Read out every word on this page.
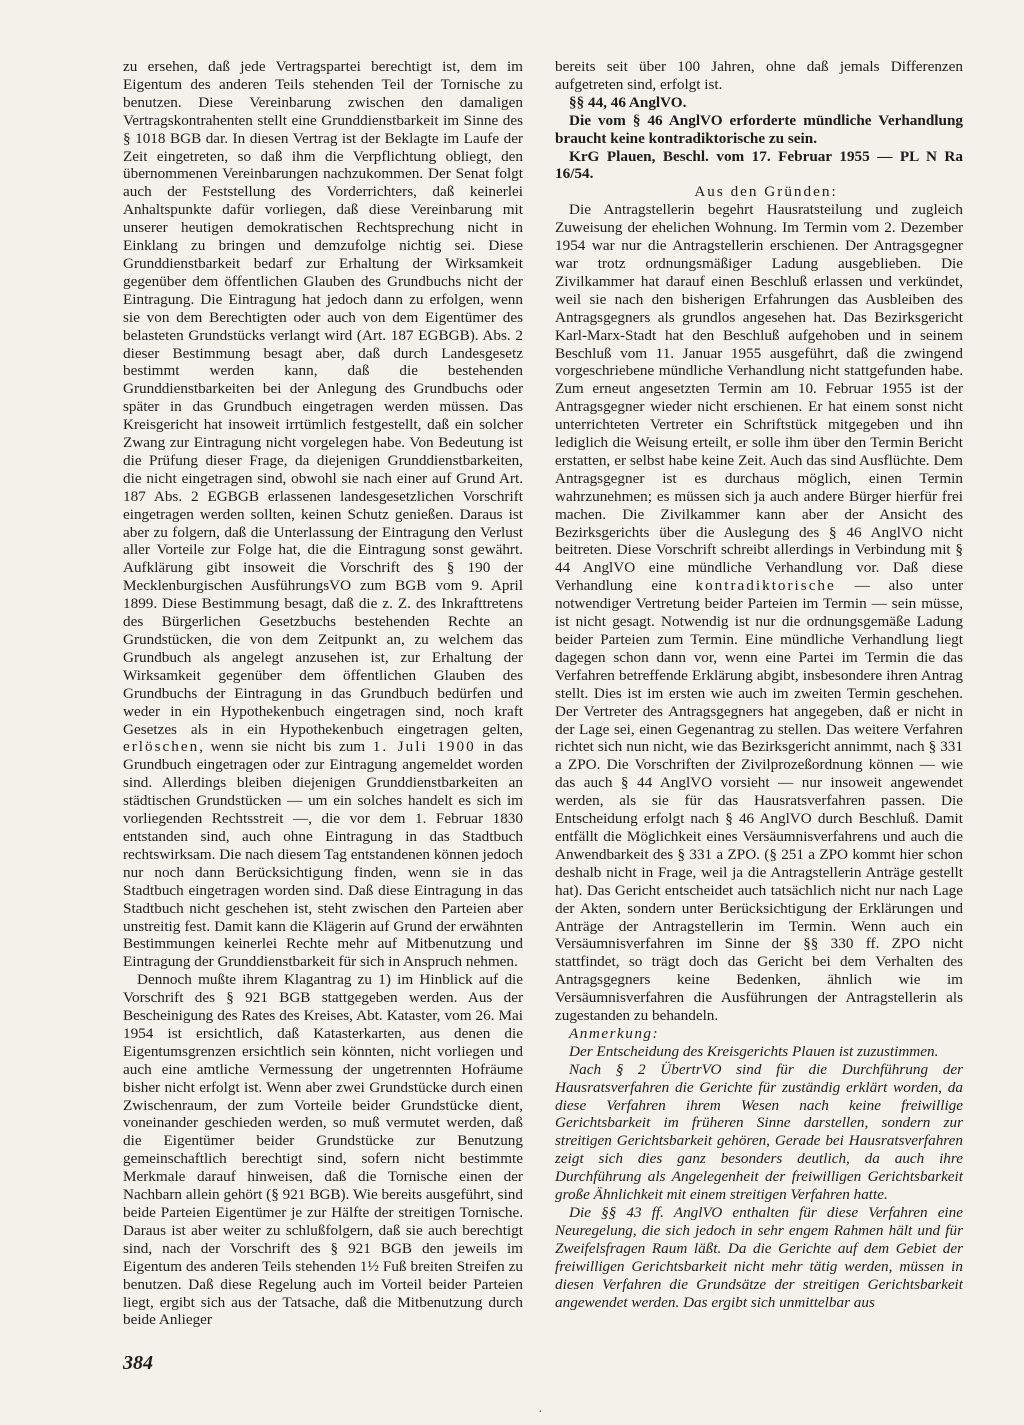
zu ersehen, daß jede Vertragspartei berechtigt ist, dem im Eigentum des anderen Teils stehenden Teil der Tornische zu benutzen. Diese Vereinbarung zwischen den damaligen Vertragskontrahenten stellt eine Grunddienstbarkeit im Sinne des § 1018 BGB dar. In diesen Vertrag ist der Beklagte im Laufe der Zeit eingetreten, so daß ihm die Verpflichtung obliegt, den übernommenen Vereinbarungen nachzukommen. Der Senat folgt auch der Feststellung des Vorderrichters, daß keinerlei Anhaltspunkte dafür vorliegen, daß diese Vereinbarung mit unserer heutigen demokratischen Rechtsprechung nicht in Einklang zu bringen und demzufolge nichtig sei. Diese Grunddienstbarkeit bedarf zur Erhaltung der Wirksamkeit gegenüber dem öffentlichen Glauben des Grundbuchs nicht der Eintragung. Die Eintragung hat jedoch dann zu erfolgen, wenn sie von dem Berechtigten oder auch von dem Eigentümer des belasteten Grundstücks verlangt wird (Art. 187 EGBGB). Abs. 2 dieser Bestimmung besagt aber, daß durch Landesgesetz bestimmt werden kann, daß die bestehenden Grunddienstbarkeiten bei der Anlegung des Grundbuchs oder später in das Grundbuch eingetragen werden müssen. Das Kreisgericht hat insoweit irrtümlich festgestellt, daß ein solcher Zwang zur Eintragung nicht vorgelegen habe. Von Bedeutung ist die Prüfung dieser Frage, da diejenigen Grunddienstbarkeiten, die nicht eingetragen sind, obwohl sie nach einer auf Grund Art. 187 Abs. 2 EGBGB erlassenen landesgesetzlichen Vorschrift eingetragen werden sollten, keinen Schutz genießen. Daraus ist aber zu folgern, daß die Unterlassung der Eintragung den Verlust aller Vorteile zur Folge hat, die die Eintragung sonst gewährt. Aufklärung gibt insoweit die Vorschrift des § 190 der Mecklenburgischen AusführungsVO zum BGB vom 9. April 1899. Diese Bestimmung besagt, daß die z. Z. des Inkrafttretens des Bürgerlichen Gesetzbuchs bestehenden Rechte an Grundstücken, die von dem Zeitpunkt an, zu welchem das Grundbuch als angelegt anzusehen ist, zur Erhaltung der Wirksamkeit gegenüber dem öffentlichen Glauben des Grundbuchs der Eintragung in das Grundbuch bedürfen und weder in ein Hypothekenbuch eingetragen sind, noch kraft Gesetzes als in ein Hypothekenbuch eingetragen gelten, erlöschen, wenn sie nicht bis zum 1. Juli 1900 in das Grundbuch eingetragen oder zur Eintragung angemeldet worden sind. Allerdings bleiben diejenigen Grunddienstbarkeiten an städtischen Grundstücken — um ein solches handelt es sich im vorliegenden Rechtsstreit —, die vor dem 1. Februar 1830 entstanden sind, auch ohne Eintragung in das Stadtbuch rechtswirksam. Die nach diesem Tag entstandenen können jedoch nur noch dann Berücksichtigung finden, wenn sie in das Stadtbuch eingetragen worden sind. Daß diese Eintragung in das Stadtbuch nicht geschehen ist, steht zwischen den Parteien aber unstreitig fest. Damit kann die Klägerin auf Grund der erwähnten Bestimmungen keinerlei Rechte mehr auf Mitbenutzung und Eintragung der Grunddienstbarkeit für sich in Anspruch nehmen.

Dennoch mußte ihrem Klagantrag zu 1) im Hinblick auf die Vorschrift des § 921 BGB stattgegeben werden. Aus der Bescheinigung des Rates des Kreises, Abt. Kataster, vom 26. Mai 1954 ist ersichtlich, daß Katasterkarten, aus denen die Eigentumsgrenzen ersichtlich sein könnten, nicht vorliegen und auch eine amtliche Vermessung der ungetrennten Hofräume bisher nicht erfolgt ist. Wenn aber zwei Grundstücke durch einen Zwischenraum, der zum Vorteile beider Grundstücke dient, voneinander geschieden werden, so muß vermutet werden, daß die Eigentümer beider Grundstücke zur Benutzung gemeinschaftlich berechtigt sind, sofern nicht bestimmte Merkmale darauf hinweisen, daß die Tornische einen der Nachbarn allein gehört (§ 921 BGB). Wie bereits ausgeführt, sind beide Parteien Eigentümer je zur Hälfte der streitigen Tornische. Daraus ist aber weiter zu schlußfolgern, daß sie auch berechtigt sind, nach der Vorschrift des § 921 BGB den jeweils im Eigentum des anderen Teils stehenden 1½ Fuß breiten Streifen zu benutzen. Daß diese Regelung auch im Vorteil beider Parteien liegt, ergibt sich aus der Tatsache, daß die Mitbenutzung durch beide Anlieger

bereits seit über 100 Jahren, ohne daß jemals Differenzen aufgetreten sind, erfolgt ist.

§§ 44, 46 AnglVO.

Die vom § 46 AnglVO erforderte mündliche Verhandlung braucht keine kontradiktorische zu sein.

KrG Plauen, Beschl. vom 17. Februar 1955 — PL N Ra 16/54.

Aus den Gründen:

Die Antragstellerin begehrt Hausratsteilung und zugleich Zuweisung der ehelichen Wohnung. Im Termin vom 2. Dezember 1954 war nur die Antragstellerin erschienen. Der Antragsgegner war trotz ordnungsmäßiger Ladung ausgeblieben. Die Zivilkammer hat darauf einen Beschluß erlassen und verkündet, weil sie nach den bisherigen Erfahrungen das Ausbleiben des Antragsgegners als grundlos angesehen hat. Das Bezirksgericht Karl-Marx-Stadt hat den Beschluß aufgehoben und in seinem Beschluß vom 11. Januar 1955 ausgeführt, daß die zwingend vorgeschriebene mündliche Verhandlung nicht stattgefunden habe. Zum erneut angesetzten Termin am 10. Februar 1955 ist der Antragsgegner wieder nicht erschienen. Er hat einem sonst nicht unterrichteten Vertreter ein Schriftstück mitgegeben und ihn lediglich die Weisung erteilt, er solle ihm über den Termin Bericht erstatten, er selbst habe keine Zeit. Auch das sind Ausflüchte. Dem Antragsgegner ist es durchaus möglich, einen Termin wahrzunehmen; es müssen sich ja auch andere Bürger hierfür frei machen. Die Zivilkammer kann aber der Ansicht des Bezirksgerichts über die Auslegung des § 46 AnglVO nicht beitreten. Diese Vorschrift schreibt allerdings in Verbindung mit § 44 AnglVO eine mündliche Verhandlung vor. Daß diese Verhandlung eine kontradiktorische — also unter notwendiger Vertretung beider Parteien im Termin — sein müsse, ist nicht gesagt. Notwendig ist nur die ordnungsgemäße Ladung beider Parteien zum Termin. Eine mündliche Verhandlung liegt dagegen schon dann vor, wenn eine Partei im Termin die das Verfahren betreffende Erklärung abgibt, insbesondere ihren Antrag stellt. Dies ist im ersten wie auch im zweiten Termin geschehen. Der Vertreter des Antragsgegners hat angegeben, daß er nicht in der Lage sei, einen Gegenantrag zu stellen. Das weitere Verfahren richtet sich nun nicht, wie das Bezirksgericht annimmt, nach § 331 a ZPO. Die Vorschriften der Zivilprozeßordnung können — wie das auch § 44 AnglVO vorsieht — nur insoweit angewendet werden, als sie für das Hausratsverfahren passen. Die Entscheidung erfolgt nach § 46 AnglVO durch Beschluß. Damit entfällt die Möglichkeit eines Versäumnisverfahrens und auch die Anwendbarkeit des § 331 a ZPO. (§ 251 a ZPO kommt hier schon deshalb nicht in Frage, weil ja die Antragstellerin Anträge gestellt hat). Das Gericht entscheidet auch tatsächlich nicht nur nach Lage der Akten, sondern unter Berücksichtigung der Erklärungen und Anträge der Antragstellerin im Termin. Wenn auch ein Versäumnisverfahren im Sinne der §§ 330 ff. ZPO nicht stattfindet, so trägt doch das Gericht bei dem Verhalten des Antragsgegners keine Bedenken, ähnlich wie im Versäumnisverfahren die Ausführungen der Antragstellerin als zugestanden zu behandeln.

Anmerkung:

Der Entscheidung des Kreisgerichts Plauen ist zuzustimmen.

Nach § 2 ÜbertrVO sind für die Durchführung der Hausratsverfahren die Gerichte für zuständig erklärt worden, da diese Verfahren ihrem Wesen nach keine freiwillige Gerichtsbarkeit im früheren Sinne darstellen, sondern zur streitigen Gerichtsbarkeit gehören, Gerade bei Hausratsverfahren zeigt sich dies ganz besonders deutlich, da auch ihre Durchführung als Angelegenheit der freiwilligen Gerichtsbarkeit große Ähnlichkeit mit einem streitigen Verfahren hatte.

Die §§ 43 ff. AnglVO enthalten für diese Verfahren eine Neuregelung, die sich jedoch in sehr engem Rahmen hält und für Zweifelsfragen Raum läßt. Da die Gerichte auf dem Gebiet der freiwilligen Gerichtsbarkeit nicht mehr tätig werden, müssen in diesen Verfahren die Grundsätze der streitigen Gerichtsbarkeit angewendet werden. Das ergibt sich unmittelbar aus

384
·
